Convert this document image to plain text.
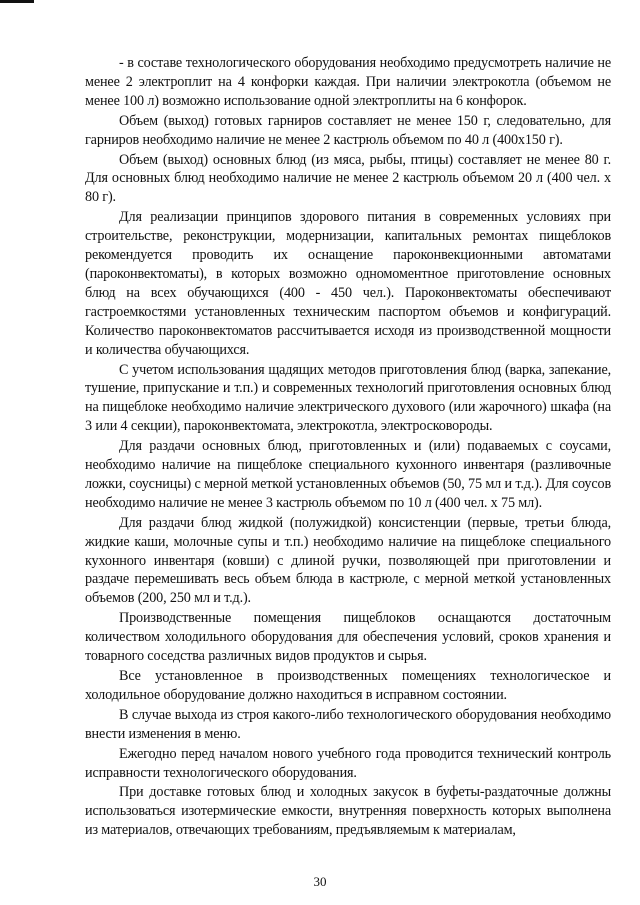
- в составе технологического оборудования необходимо предусмотреть наличие не менее 2 электроплит на 4 конфорки каждая. При наличии электрокотла (объемом не менее 100 л) возможно использование одной электроплиты на 6 конфорок.

Объем (выход) готовых гарниров составляет не менее 150 г, следовательно, для гарниров необходимо наличие не менее 2 кастрюль объемом по 40 л (400х150 г).

Объем (выход) основных блюд (из мяса, рыбы, птицы) составляет не менее 80 г. Для основных блюд необходимо наличие не менее 2 кастрюль объемом 20 л (400 чел. х 80 г).

Для реализации принципов здорового питания в современных условиях при строительстве, реконструкции, модернизации, капитальных ремонтах пищеблоков рекомендуется проводить их оснащение пароконвекционными автоматами (пароконвектоматы), в которых возможно одномоментное приготовление основных блюд на всех обучающихся (400 - 450 чел.). Пароконвектоматы обеспечивают гастроемкостями установленных техническим паспортом объемов и конфигураций. Количество пароконвектоматов рассчитывается исходя из производственной мощности и количества обучающихся.

С учетом использования щадящих методов приготовления блюд (варка, запекание, тушение, припускание и т.п.) и современных технологий приготовления основных блюд на пищеблоке необходимо наличие электрического духового (или жарочного) шкафа (на 3 или 4 секции), пароконвектомата, электрокотла, электросковороды.

Для раздачи основных блюд, приготовленных и (или) подаваемых с соусами, необходимо наличие на пищеблоке специального кухонного инвентаря (разливочные ложки, соусницы) с мерной меткой установленных объемов (50, 75 мл и т.д.). Для соусов необходимо наличие не менее 3 кастрюль объемом по 10 л (400 чел. х 75 мл).

Для раздачи блюд жидкой (полужидкой) консистенции (первые, третьи блюда, жидкие каши, молочные супы и т.п.) необходимо наличие на пищеблоке специального кухонного инвентаря (ковши) с длиной ручки, позволяющей при приготовлении и раздаче перемешивать весь объем блюда в кастрюле, с мерной меткой установленных объемов (200, 250 мл и т.д.).

Производственные помещения пищеблоков оснащаются достаточным количеством холодильного оборудования для обеспечения условий, сроков хранения и товарного соседства различных видов продуктов и сырья.

Все установленное в производственных помещениях технологическое и холодильное оборудование должно находиться в исправном состоянии.

В случае выхода из строя какого-либо технологического оборудования необходимо внести изменения в меню.

Ежегодно перед началом нового учебного года проводится технический контроль исправности технологического оборудования.

При доставке готовых блюд и холодных закусок в буфеты-раздаточные должны использоваться изотермические емкости, внутренняя поверхность которых выполнена из материалов, отвечающих требованиям, предъявляемым к материалам,

30
